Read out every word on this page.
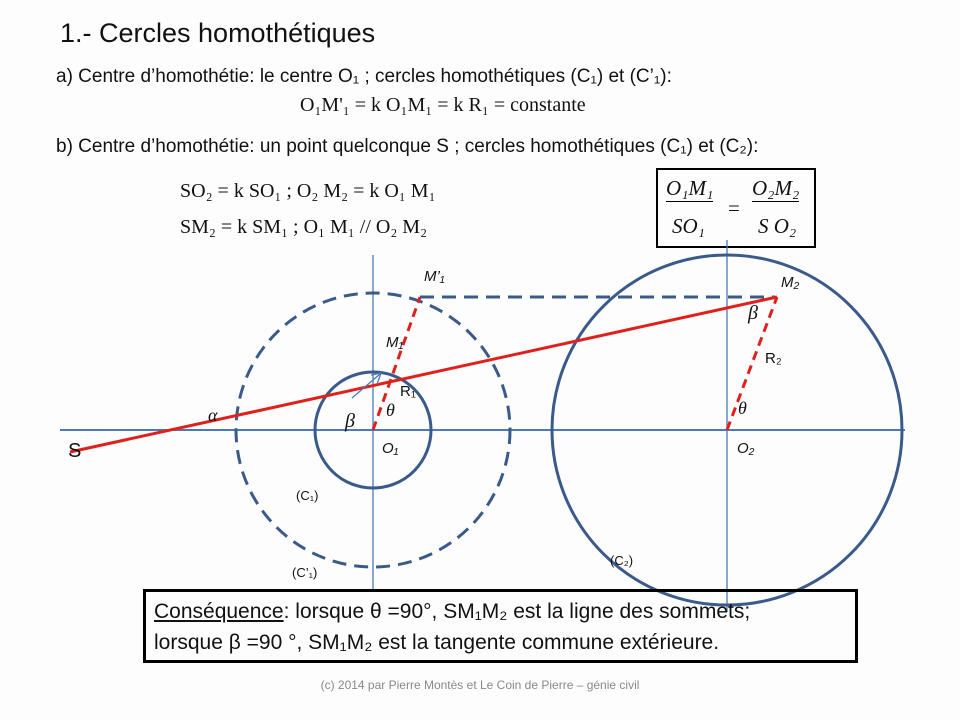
1.- Cercles homothétiques
a) Centre d’homothétie: le centre O₁ ; cercles homothétiques (C₁) et (C’₁):
O₁M'₁ = k O₁M₁ = k R₁ = constante
b) Centre d’homothétie: un point quelconque S ; cercles homothétiques (C₁) et (C₂):
SO₂ = k SO₁ ; O₂ M₂ = k O₁ M₁
SM₂ = k SM₁ ; O₁ M₁ // O₂ M₂
O₁M₁
SO₁
=
O₂M₂
S O₂
S	O₁	O₂
M₁
M’₁	M₂
R₁
R₂
(C₁)
(C’₁)
(C₂)
α	β θ
β
θ
Conséquence: lorsque θ =90°, SM₁M₂ est la ligne des sommets;
lorsque β =90 °, SM₁M₂ est la tangente commune extérieure.
(c) 2014 par Pierre Montès et Le Coin de Pierre – génie civil
